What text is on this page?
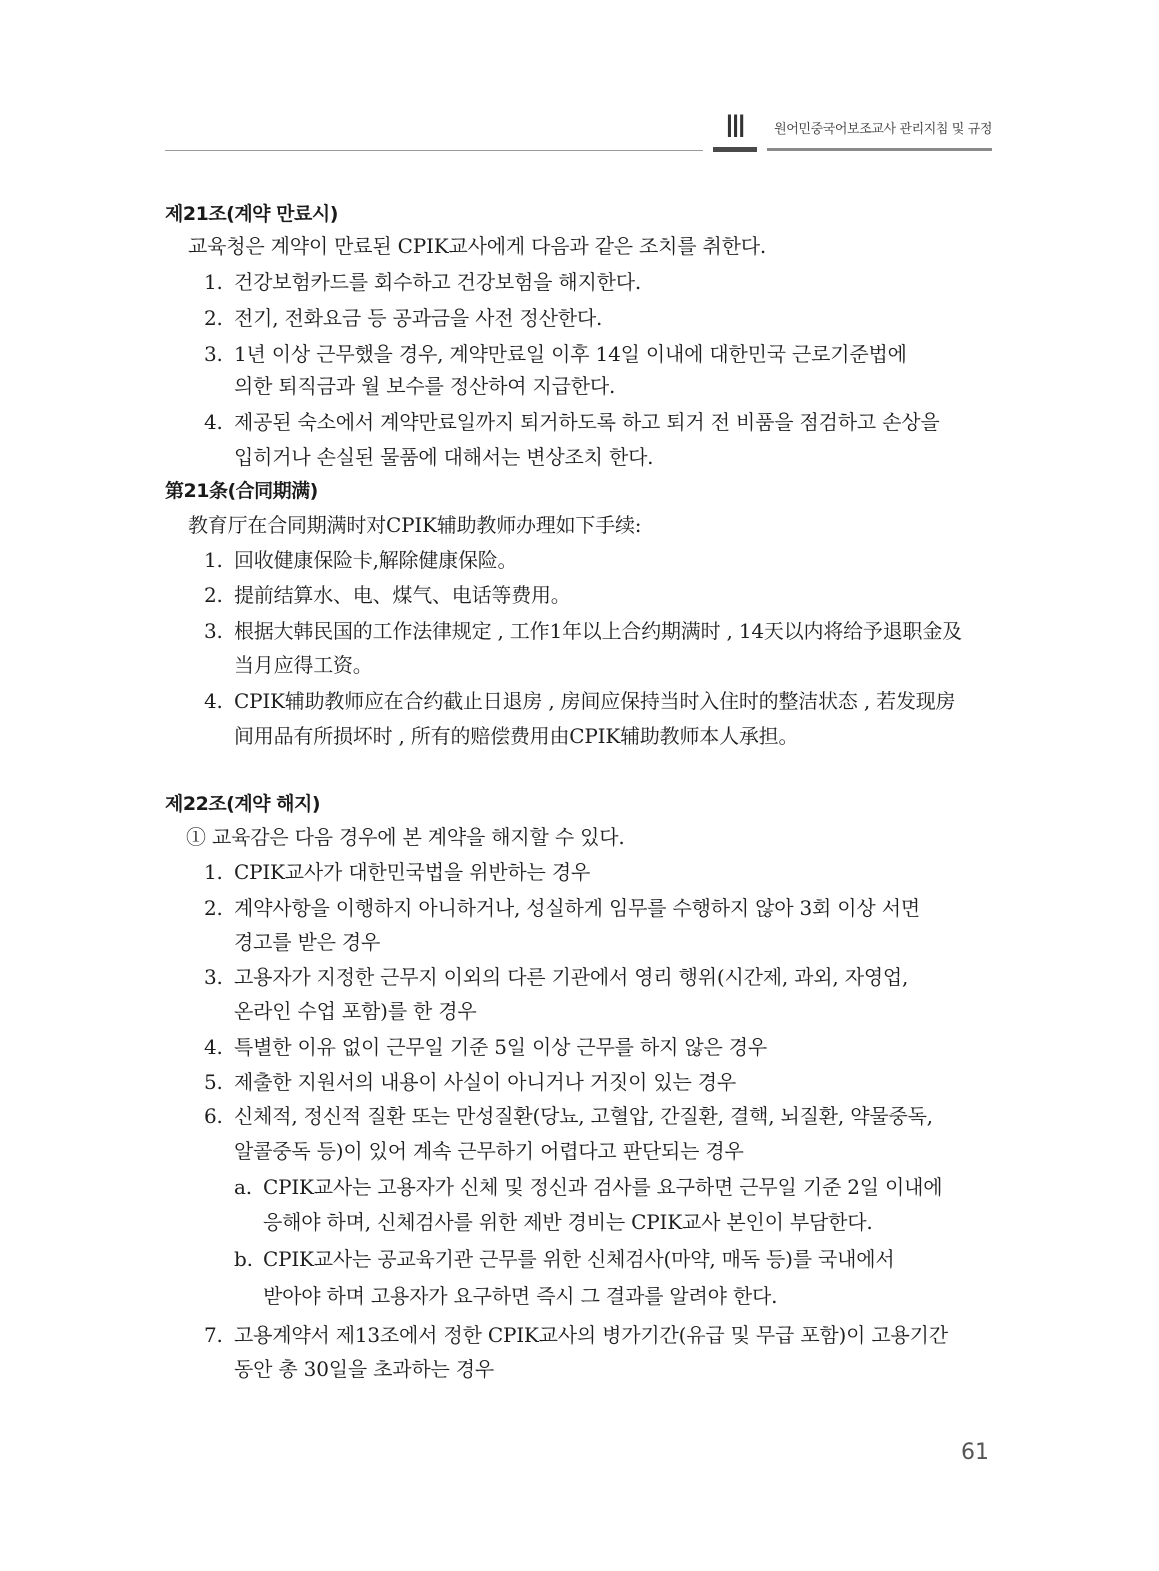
Ⅲ	원어민중국어보조교사 관리지침 및 규정
제21조(계약 만료시)
교육청은 계약이 만료된 CPIK교사에게 다음과 같은 조치를 취한다.
1. 건강보험카드를 회수하고 건강보험을 해지한다.
2. 전기, 전화요금 등 공과금을 사전 정산한다.
3. 1년 이상 근무했을 경우, 계약만료일 이후 14일 이내에 대한민국 근로기준법에
의한 퇴직금과 월 보수를 정산하여 지급한다.
4. 제공된 숙소에서 계약만료일까지 퇴거하도록 하고 퇴거 전 비품을 점검하고 손상을
입히거나 손실된 물품에 대해서는 변상조치 한다.
第21条(合同期满)
教育厅在合同期满时对CPIK辅助教师办理如下手续:
1. 回收健康保险卡,解除健康保险。
2. 提前结算水、电、煤气、电话等费用。
3. 根据大韩民国的工作法律规定 , 工作1年以上合约期满时 , 14天以内将给予退职金及
当月应得工资。
4. CPIK辅助教师应在合约截止日退房 , 房间应保持当时入住时的整洁状态 , 若发现房
间用品有所损坏时 , 所有的赔偿费用由CPIK辅助教师本人承担。
제22조(계약 해지)
① 교육감은 다음 경우에 본 계약을 해지할 수 있다.
1. CPIK교사가 대한민국법을 위반하는 경우
2. 계약사항을 이행하지 아니하거나, 성실하게 임무를 수행하지 않아 3회 이상 서면
경고를 받은 경우
3. 고용자가 지정한 근무지 이외의 다른 기관에서 영리 행위(시간제, 과외, 자영업,
온라인 수업 포함)를 한 경우
4. 특별한 이유 없이 근무일 기준 5일 이상 근무를 하지 않은 경우
5. 제출한 지원서의 내용이 사실이 아니거나 거짓이 있는 경우
6. 신체적, 정신적 질환 또는 만성질환(당뇨, 고혈압, 간질환, 결핵, 뇌질환, 약물중독,
알콜중독 등)이 있어 계속 근무하기 어렵다고 판단되는 경우
a. CPIK교사는 고용자가 신체 및 정신과 검사를 요구하면 근무일 기준 2일 이내에
응해야 하며, 신체검사를 위한 제반 경비는 CPIK교사 본인이 부담한다.
b. CPIK교사는 공교육기관 근무를 위한 신체검사(마약, 매독 등)를 국내에서
받아야 하며 고용자가 요구하면 즉시 그 결과를 알려야 한다.
7. 고용계약서 제13조에서 정한 CPIK교사의 병가기간(유급 및 무급 포함)이 고용기간
동안 총 30일을 초과하는 경우
61
